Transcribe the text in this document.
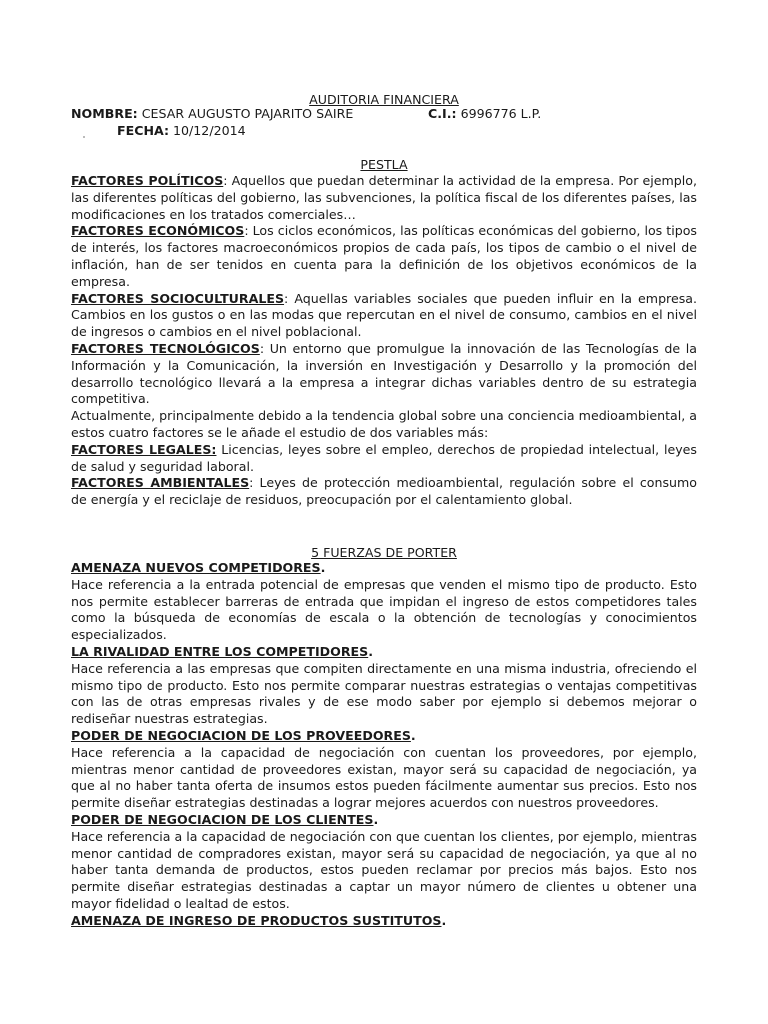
AUDITORIA FINANCIERA
NOMBRE: CESAR AUGUSTO PAJARITO SAIRE	C.I.: 6996776 L.P.
FECHA: 10/12/2014
PESTLA

FACTORES POLÍTICOS: Aquellos que puedan determinar la actividad de la empresa. Por ejemplo, las diferentes políticas del gobierno, las subvenciones, la política fiscal de los diferentes países, las modificaciones en los tratados comerciales…

FACTORES ECONÓMICOS: Los ciclos económicos, las políticas económicas del gobierno, los tipos de interés, los factores macroeconómicos propios de cada país, los tipos de cambio o el nivel de inflación, han de ser tenidos en cuenta para la definición de los objetivos económicos de la empresa.

FACTORES SOCIOCULTURALES: Aquellas variables sociales que pueden influir en la empresa. Cambios en los gustos o en las modas que repercutan en el nivel de consumo, cambios en el nivel de ingresos o cambios en el nivel poblacional.

FACTORES TECNOLÓGICOS: Un entorno que promulgue la innovación de las Tecnologías de la Información y la Comunicación, la inversión en Investigación y Desarrollo y la promoción del desarrollo tecnológico llevará a la empresa a integrar dichas variables dentro de su estrategia competitiva.

Actualmente, principalmente debido a la tendencia global sobre una conciencia medioambiental, a estos cuatro factores se le añade el estudio de dos variables más:

FACTORES LEGALES: Licencias, leyes sobre el empleo, derechos de propiedad intelectual, leyes de salud y seguridad laboral.

FACTORES AMBIENTALES: Leyes de protección medioambiental, regulación sobre el consumo de energía y el reciclaje de residuos, preocupación por el calentamiento global.

5 FUERZAS DE PORTER

AMENAZA NUEVOS COMPETIDORES.

Hace referencia a la entrada potencial de empresas que venden el mismo tipo de producto. Esto nos permite establecer barreras de entrada que impidan el ingreso de estos competidores tales como la búsqueda de economías de escala o la obtención de tecnologías y conocimientos especializados.

LA RIVALIDAD ENTRE LOS COMPETIDORES.

Hace referencia a las empresas que compiten directamente en una misma industria, ofreciendo el mismo tipo de producto. Esto nos permite comparar nuestras estrategias o ventajas competitivas con las de otras empresas rivales y de ese modo saber por ejemplo si debemos mejorar o rediseñar nuestras estrategias.

PODER DE NEGOCIACION DE LOS PROVEEDORES.

Hace referencia a la capacidad de negociación con cuentan los proveedores, por ejemplo, mientras menor cantidad de proveedores existan, mayor será su capacidad de negociación, ya que al no haber tanta oferta de insumos estos pueden fácilmente aumentar sus precios. Esto nos permite diseñar estrategias destinadas a lograr mejores acuerdos con nuestros proveedores.

PODER DE NEGOCIACION DE LOS CLIENTES.

Hace referencia a la capacidad de negociación con que cuentan los clientes, por ejemplo, mientras menor cantidad de compradores existan, mayor será su capacidad de negociación, ya que al no haber tanta demanda de productos, estos pueden reclamar por precios más bajos. Esto nos permite diseñar estrategias destinadas a captar un mayor número de clientes u obtener una mayor fidelidad o lealtad de estos.

AMENAZA DE INGRESO DE PRODUCTOS SUSTITUTOS.
